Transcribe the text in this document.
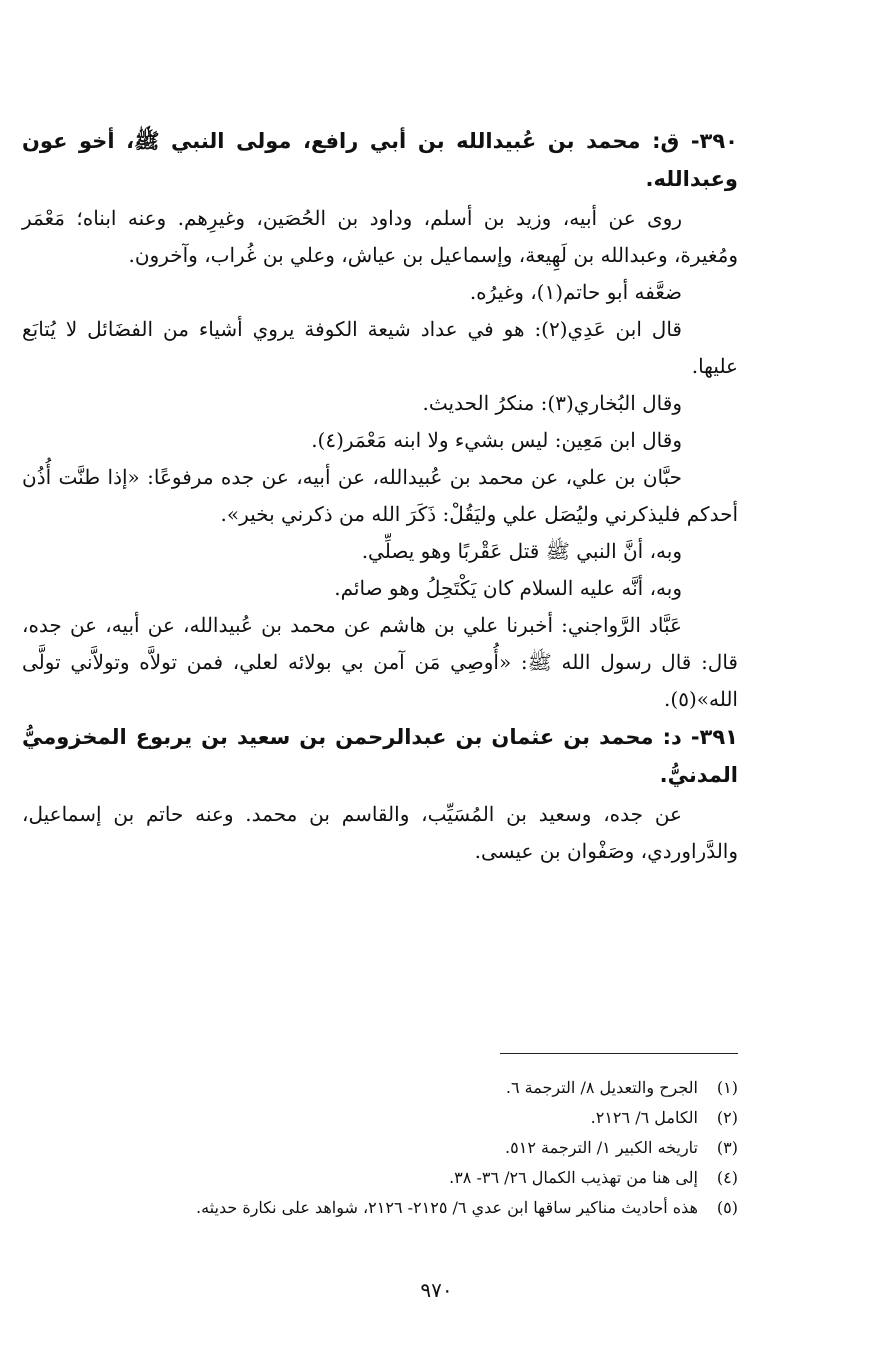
٣٩٠- ق: محمد بن عُبيدالله بن أبي رافع، مولى النبي ﷺ، أخو عون وعبدالله.

روى عن أبيه، وزيد بن أسلم، وداود بن الحُصَين، وغيرِهم. وعنه ابناه؛ مَعْمَر ومُغيرة، وعبدالله بن لَهِيعة، وإسماعيل بن عياش، وعلي بن غُراب، وآخرون.

ضعَّفه أبو حاتم(١)، وغيرُه.

قال ابن عَدِي(٢): هو في عداد شيعة الكوفة يروي أشياء من الفضَائل لا يُتابَع عليها.

وقال البُخاري(٣): منكرُ الحديث.

وقال ابن مَعِين: ليس بشيء ولا ابنه مَعْمَر(٤).

حبَّان بن علي، عن محمد بن عُبيدالله، عن أبيه، عن جده مرفوعًا: «إذا طنَّت أُذُن أحدكم فليذكرني وليُصَل علي وليَقُلْ: ذَكَرَ الله من ذكرني بخير».

وبه، أنَّ النبي ﷺ قتل عَقْربًا وهو يصلِّي.

وبه، أنَّه عليه السلام كان يَكْتَحِلُ وهو صائم.

عَبَّاد الرَّواجني: أخبرنا علي بن هاشم عن محمد بن عُبيدالله، عن أبيه، عن جده، قال: قال رسول الله ﷺ: «أُوصِي مَن آمن بي بولائه لعلي، فمن تولاَّه وتولاَّني تولَّى الله»(٥).

٣٩١- د: محمد بن عثمان بن عبدالرحمن بن سعيد بن يربوع المخزوميُّ المدنيُّ.

عن جده، وسعيد بن المُسَيِّب، والقاسم بن محمد. وعنه حاتم بن إسماعيل، والدَّراوردي، وصَفْوان بن عيسى.

(١)الجرح والتعديل ٨/ الترجمة ٦.

(٢)الكامل ٦/ ٢١٢٦.

(٣)تاريخه الكبير ١/ الترجمة ٥١٢.

(٤)إلى هنا من تهذيب الكمال ٢٦/ ٣٦- ٣٨.

(٥)هذه أحاديث مناكير ساقها ابن عدي ٦/ ٢١٢٥- ٢١٢٦، شواهد على نكارة حديثه.

٩٧٠
